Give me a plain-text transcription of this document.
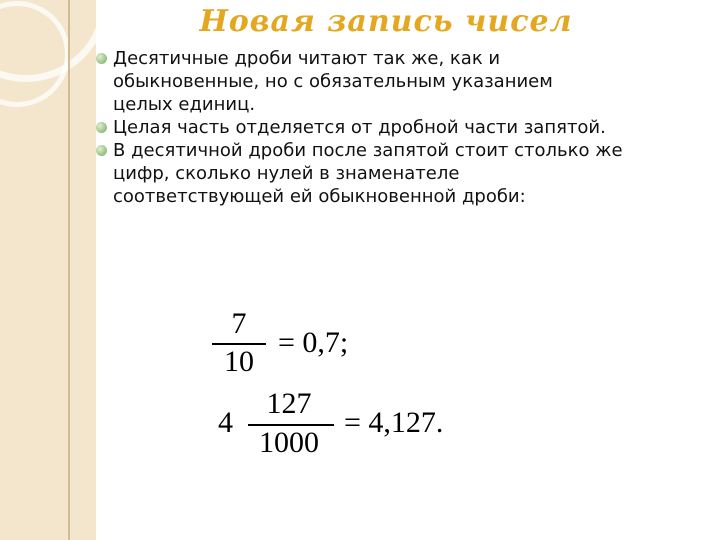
Новая запись чисел
Десятичные дроби читают так же, как и
обыкновенные, но с обязательным указанием
целых единиц.
Целая часть отделяется от дробной части запятой.
В десятичной дроби после запятой стоит столько же
цифр, сколько нулей в знаменателе
соответствующей ей обыкновенной дроби:
7
10
= 0,7;
4
127
1000
= 4,127.
